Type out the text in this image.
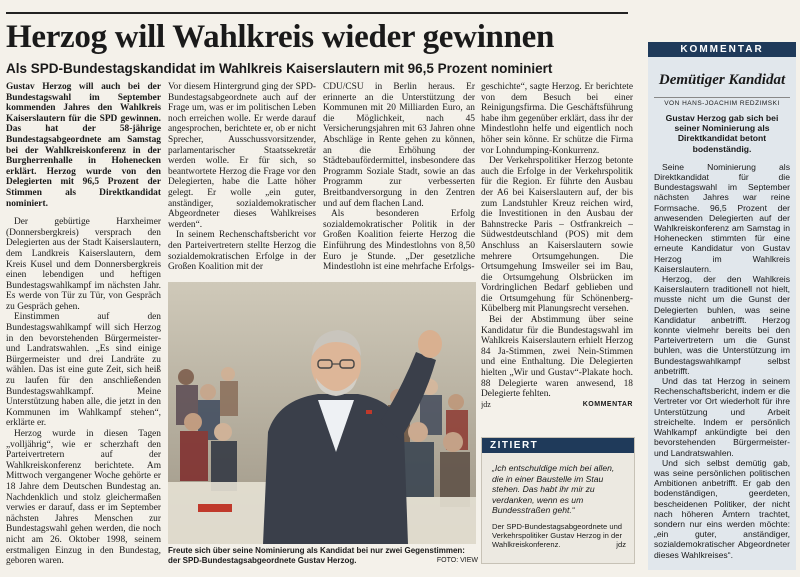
Herzog will Wahlkreis wieder gewinnen
Als SPD-Bundestagskandidat im Wahlkreis Kaiserslautern mit 96,5 Prozent nominiert

Gustav Herzog will auch bei der Bundestagswahl im September kommenden Jahres den Wahlkreis Kaiserslautern für die SPD gewinnen. Das hat der 58-jährige Bundestagsabgeordnete am Samstag bei der Wahlkreiskonferenz in der Burgherrenhalle in Hohenecken erklärt. Herzog wurde von den Delegierten mit 96,5 Prozent der Stimmen als Direktkandidat nominiert.

Der gebürtige Harxheimer (Donnersbergkreis) versprach den Delegierten aus der Stadt Kaiserslautern, dem Landkreis Kaiserslautern, dem Kreis Kusel und dem Donnersbergkreis einen lebendigen und heftigen Bundestagswahlkampf im nächsten Jahr. Es werde von Tür zu Tür, von Gespräch zu Gespräch gehen.

Einstimmen auf den Bundestagswahlkampf will sich Herzog in den bevorstehenden Bürgermeister- und Landratswahlen. „Es sind einige Bürgermeister und drei Landräte zu wählen. Das ist eine gute Zeit, sich heiß zu laufen für den anschließenden Bundestagswahlkampf. Meine Unterstützung haben alle, die jetzt in den Kommunen im Wahlkampf stehen“, erklärte er.

Herzog wurde in diesen Tagen „volljährig“, wie er scherzhaft den Parteivertretern auf der Wahlkreiskonferenz berichtete. Am Mittwoch vergangener Woche gehörte er 18 Jahre dem Deutschen Bundestag an. Nachdenklich und stolz gleichermaßen verwies er darauf, dass er im September nächsten Jahres Menschen zur Bundestagswahl gehen werden, die noch nicht am 26. Oktober 1998, seinem erstmaligen Einzug in den Bundestag, geboren waren.

Vor diesem Hintergrund ging der SPD-Bundestagsabgeordnete auch auf der Frage um, was er im politischen Leben noch erreichen wolle. Er werde darauf angesprochen, berichtete er, ob er nicht Sprecher, Ausschussvorsitzender, parlamentarischer Staatssekretär werden wolle. Er für sich, so beantwortete Herzog die Frage vor den Delegierten, habe die Latte höher gelegt. Er wolle „ein guter, anständiger, sozialdemokratischer Abgeordneter dieses Wahlkreises werden“.

In seinem Rechenschaftsbericht vor den Parteivertretern stellte Herzog die sozialdemokratischen Erfolge in der Großen Koalition mit der

CDU/CSU in Berlin heraus. Er erinnerte an die Unterstützung der Kommunen mit 20 Milliarden Euro, an die Möglichkeit, nach 45 Versicherungsjahren mit 63 Jahren ohne Abschläge in Rente gehen zu können, an die Erhöhung der Städtebaufördermittel, insbesondere das Programm Soziale Stadt, sowie an das Programm zur verbesserten Breitbandversorgung in den Zentren und auf dem flachen Land.

Als besonderen Erfolg sozialdemokratischer Politik in der Großen Koalition feierte Herzog die Einführung des Mindestlohns von 8,50 Euro je Stunde. „Der gesetzliche Mindestlohn ist eine mehrfache Erfolgs-

geschichte“, sagte Herzog. Er berichtete von dem Besuch bei einer Reinigungsfirma. Die Geschäftsführung habe ihm gegenüber erklärt, dass ihr der Mindestlohn helfe und eigentlich noch höher sein könne. Er schütze die Firma vor Lohndumping-Konkurrenz.

Der Verkehrspolitiker Herzog betonte auch die Erfolge in der Verkehrspolitik für die Region. Er führte den Ausbau der A6 bei Kaiserslautern auf, der bis zum Landstuhler Kreuz reichen wird, die Investitionen in den Ausbau der Bahnstrecke Paris – Ostfrankreich – Südwestdeutschland (POS) mit dem Anschluss an Kaiserslautern sowie mehrere Ortsumgehungen. Die Ortsumgehung Imsweiler sei im Bau, die Ortsumgehung Olsbrücken im Vordringlichen Bedarf geblieben und die Ortsumgehung für Schönenberg-Kübelberg mit Planungsrecht versehen.

Bei der Abstimmung über seine Kandidatur für die Bundestagswahl im Wahlkreis Kaiserslautern erhielt Herzog 84 Ja-Stimmen, zwei Nein-Stimmen und eine Enthaltung. Die Delegierten hielten „Wir und Gustav“-Plakate hoch. 88 Delegierte waren anwesend, 18 Delegierte fehlten.

jdz	KOMMENTAR
Freute sich über seine Nominierung als Kandidat bei nur zwei Gegenstimmen: der SPD-Bundestagsabgeordnete Gustav Herzog.	FOTO: VIEW
ZITIERT
„Ich entschuldige mich bei allen, die in einer Baustelle im Stau stehen. Das habt ihr mir zu verdanken, wenn es um Bundesstraßen geht.“
Der SPD-Bundestagsabgeordnete und Verkehrspolitiker Gustav Herzog in der Wahlkreiskonferenz.	jdz
KOMMENTAR
Demütiger Kandidat
VON HANS-JOACHIM REDZIMSKI
Gustav Herzog gab sich bei seiner Nominierung als Direktkandidat betont bodenständig.

Seine Nominierung als Direktkandidat für die Bundestagswahl im September nächsten Jahres war reine Formsache. 96,5 Prozent der anwesenden Delegierten auf der Wahlkreiskonferenz am Samstag in Hohenecken stimmten für eine erneute Kandidatur von Gustav Herzog im Wahlkreis Kaiserslautern.

Herzog, der den Wahlkreis Kaiserslautern traditionell not hielt, musste nicht um die Gunst der Delegierten buhlen, was seine Kandidatur anbetrifft. Herzog konnte vielmehr bereits bei den Parteivertretern um die Gunst buhlen, was die Unterstützung im Bundestagswahlkampf selbst anbetrifft.

Und das tat Herzog in seinem Rechenschaftsbericht, indem er die Vertreter vor Ort wiederholt für ihre Unterstützung und Arbeit streichelte. Indem er persönlich Wahlkampf ankündigte bei den bevorstehenden Bürgermeister- und Landratswahlen.

Und sich selbst demütig gab, was seine persönlichen politischen Ambitionen anbetrifft. Er gab den bodenständigen, geerdeten, bescheidenen Politiker, der nicht nach höheren Ämtern trachtet, sondern nur eins werden möchte: „ein guter, anständiger, sozialdemokratischer Abgeordneter dieses Wahlkreises“.
